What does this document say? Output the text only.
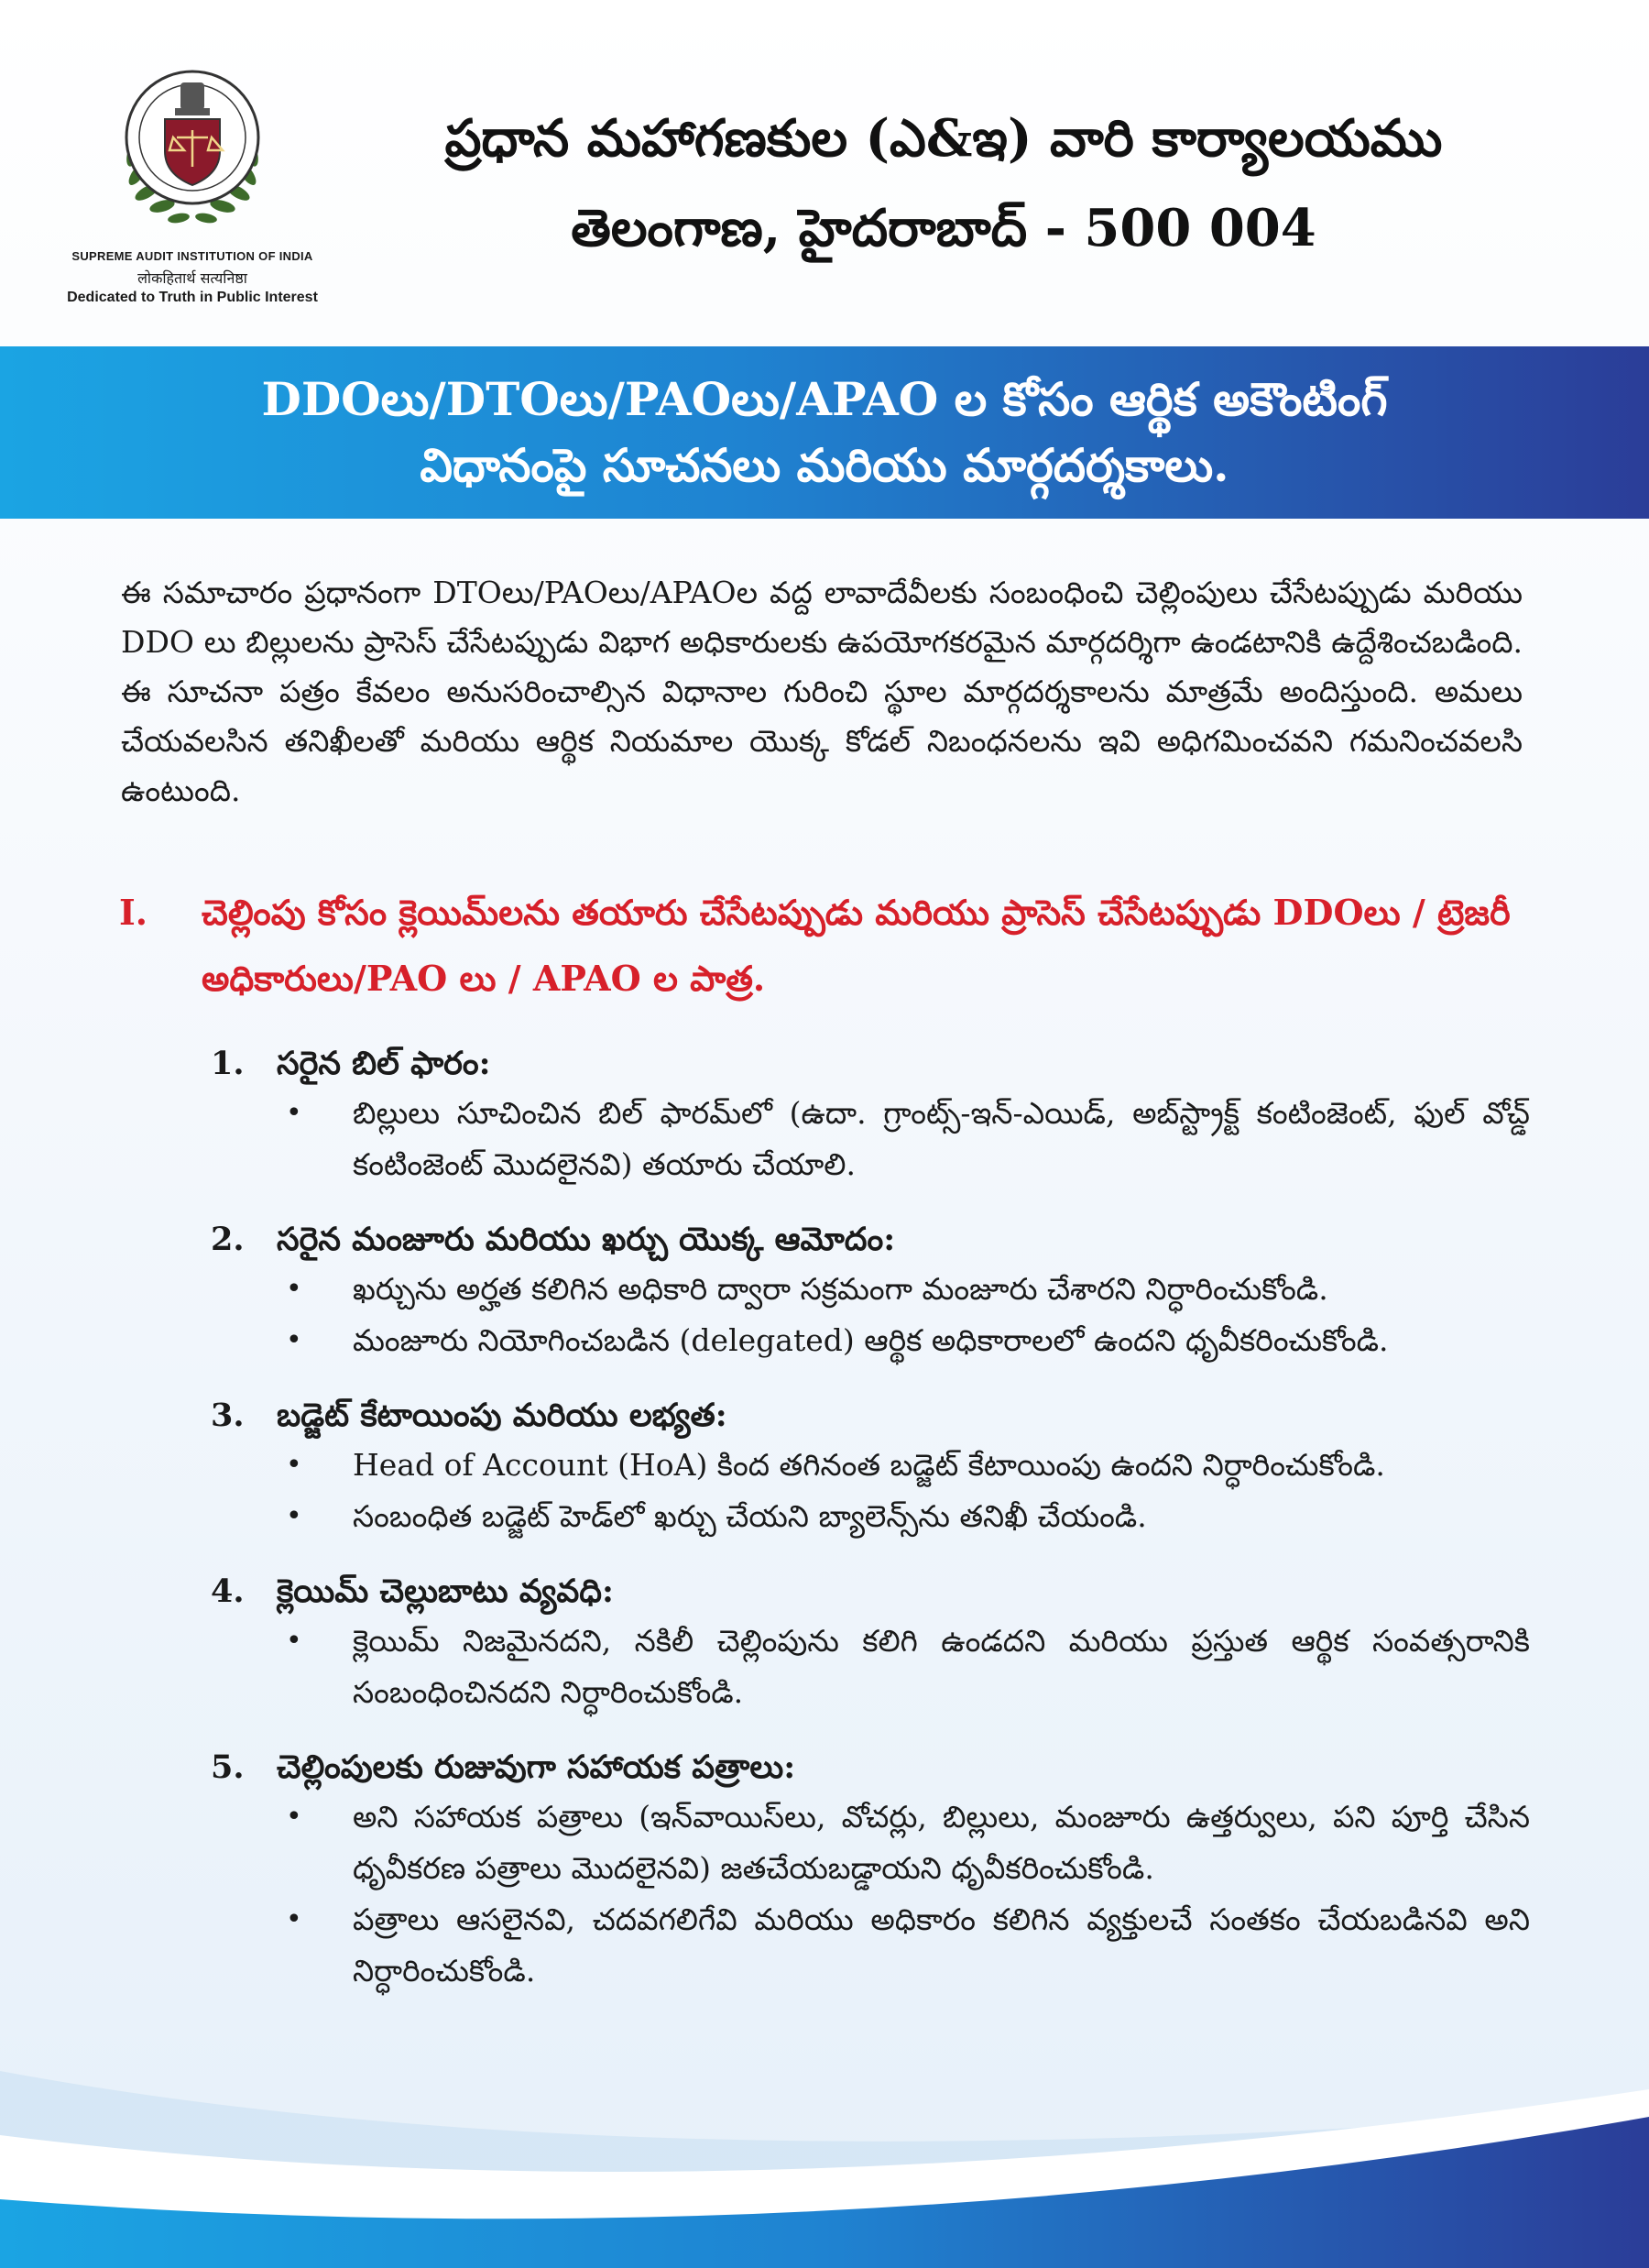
SUPREME AUDIT INSTITUTION OF INDIA
लोकहितार्थ सत्यनिष्ठा
Dedicated to Truth in Public Interest
ప్రధాన మహాగణకుల (ఎ&ఇ) వారి కార్యాలయము
తెలంగాణ, హైదరాబాద్ - 500 004
DDOలు/DTOలు/PAOలు/APAO ల కోసం ఆర్థిక అకౌంటింగ్
విధానంపై సూచనలు మరియు మార్గదర్శకాలు.
ఈ సమాచారం ప్రధానంగా DTOలు/PAOలు/APAOల వద్ద లావాదేవీలకు సంబంధించి చెల్లింపులు చేసేటప్పుడు మరియు DDO లు బిల్లులను ప్రాసెస్ చేసేటప్పుడు విభాగ అధికారులకు ఉపయోగకరమైన మార్గదర్శిగా ఉండటానికి ఉద్దేశించబడింది. ఈ సూచనా పత్రం కేవలం అనుసరించాల్సిన విధానాల గురించి స్థూల మార్గదర్శకాలను మాత్రమే అందిస్తుంది. అమలు చేయవలసిన తనిఖీలతో మరియు ఆర్థిక నియమాల యొక్క కోడల్ నిబంధనలను ఇవి అధిగమించవని గమనించవలసి ఉంటుంది.
I. చెల్లింపు కోసం క్లెయిమ్‌లను తయారు చేసేటప్పుడు మరియు ప్రాసెస్ చేసేటప్పుడు DDOలు / ట్రెజరీ అధికారులు/PAO లు / APAO ల పాత్ర.
1. సరైన బిల్ ఫారం:
• బిల్లులు సూచించిన బిల్ ఫారమ్‌లో (ఉదా. గ్రాంట్స్-ఇన్-ఎయిడ్, అబ్‌స్ట్రాక్ట్ కంటింజెంట్, ఫుల్ వోచ్డ్ కంటింజెంట్ మొదలైనవి) తయారు చేయాలి.
2. సరైన మంజూరు మరియు ఖర్చు యొక్క ఆమోదం:
• ఖర్చును అర్హత కలిగిన అధికారి ద్వారా సక్రమంగా మంజూరు చేశారని నిర్ధారించుకోండి.
• మంజూరు నియోగించబడిన (delegated) ఆర్థిక అధికారాలలో ఉందని ధృవీకరించుకోండి.
3. బడ్జెట్ కేటాయింపు మరియు లభ్యత:
• Head of Account (HoA) కింద తగినంత బడ్జెట్ కేటాయింపు ఉందని నిర్ధారించుకోండి.
• సంబంధిత బడ్జెట్ హెడ్‌లో ఖర్చు చేయని బ్యాలెన్స్‌ను తనిఖీ చేయండి.
4. క్లెయిమ్ చెల్లుబాటు వ్యవధి:
• క్లెయిమ్ నిజమైనదని, నకిలీ చెల్లింపును కలిగి ఉండదని మరియు ప్రస్తుత ఆర్థిక సంవత్సరానికి సంబంధించినదని నిర్ధారించుకోండి.
5. చెల్లింపులకు రుజువుగా సహాయక పత్రాలు:
• అని సహాయక పత్రాలు (ఇన్‌వాయిస్‌లు, వోచర్లు, బిల్లులు, మంజూరు ఉత్తర్వులు, పని పూర్తి చేసిన ధృవీకరణ పత్రాలు మొదలైనవి) జతచేయబడ్డాయని ధృవీకరించుకోండి.
• పత్రాలు ఆసలైనవి, చదవగలిగేవి మరియు అధికారం కలిగిన వ్యక్తులచే సంతకం చేయబడినవి అని నిర్ధారించుకోండి.
